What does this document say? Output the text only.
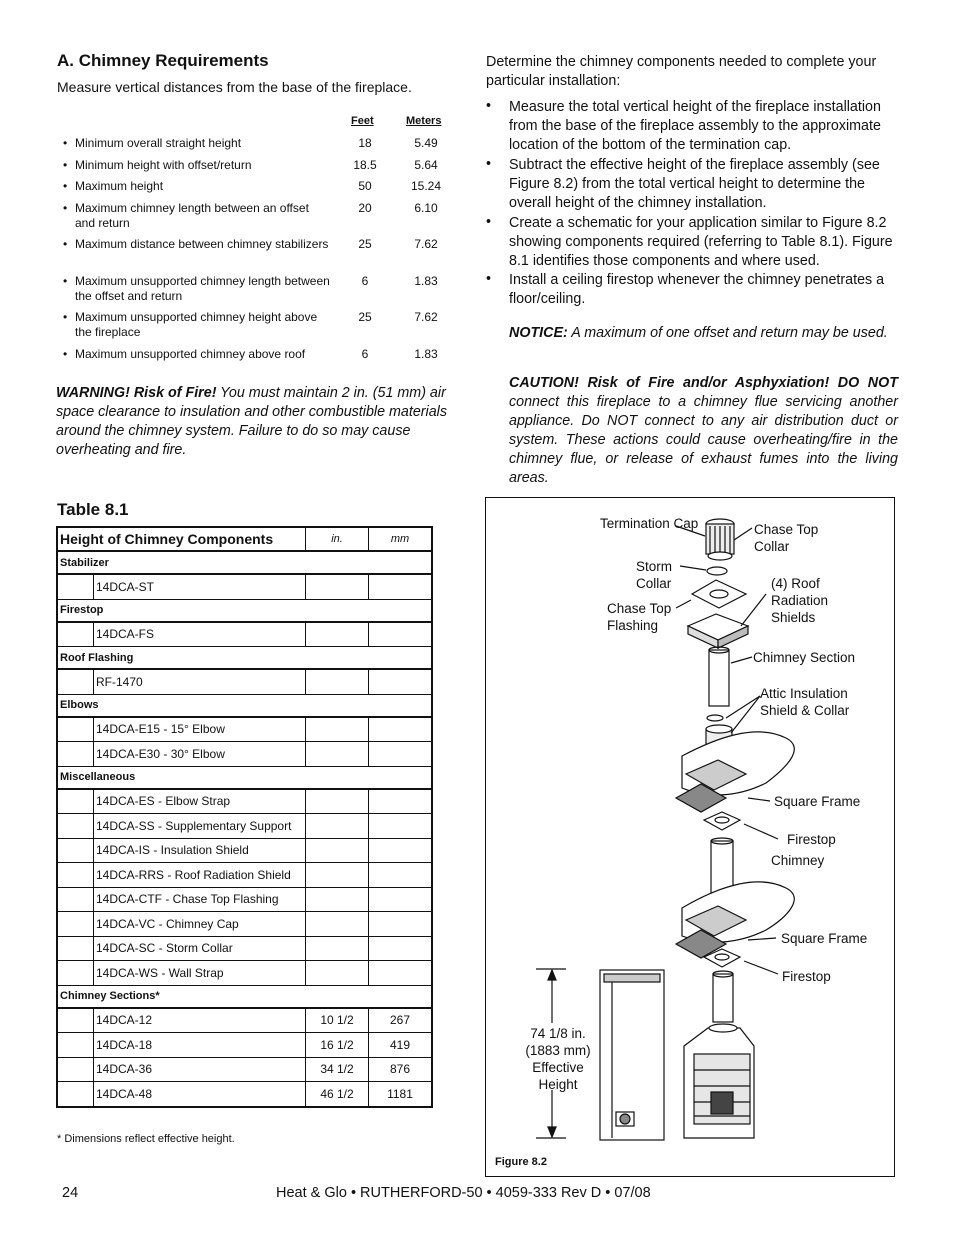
A. Chimney Requirements
Measure vertical distances from the base of the fireplace.
Feet	Meters
• Minimum overall straight height	18	5.49
• Minimum height with offset/return	18.5	5.64
• Maximum height	50	15.24
• Maximum chimney length between an offset and return
20	6.10
• Maximum distance between chimney stabilizers	25	7.62
• Maximum unsupported chimney length between the offset and return
6	1.83
• Maximum unsupported chimney height above the fireplace
25	7.62
• Maximum unsupported chimney above roof	6	1.83
WARNING! Risk of Fire! You must maintain 2 in. (51 mm) air space clearance to insulation and other combustible materials around the chimney system. Failure to do so may cause overheating and fire.
Table 8.1
Height of Chimney Components		in.	mm
Stabilizer			
	14DCA-ST		
Firestop			
	14DCA-FS		
Roof Flashing			
	RF-1470		
Elbows			
	14DCA-E15 - 15° Elbow		
	14DCA-E30 - 30° Elbow		
Miscellaneous			
	14DCA-ES - Elbow Strap		
	14DCA-SS - Supplementary Support		
	14DCA-IS - Insulation Shield		
	14DCA-RRS - Roof Radiation Shield		
	14DCA-CTF - Chase Top Flashing		
	14DCA-VC - Chimney Cap		
	14DCA-SC - Storm Collar		
	14DCA-WS - Wall Strap		
Chimney Sections*			
	14DCA-12	10 1/2	267
	14DCA-18	16 1/2	419
	14DCA-36	34 1/2	876
	14DCA-48	46 1/2	1181
* Dimensions reflect effective height.
Determine the chimney components needed to complete your particular installation:
• Measure the total vertical height of the fireplace installation from the base of the fireplace assembly to the approximate location of the bottom of the termination cap.
• Subtract the effective height of the fireplace assembly (see Figure 8.2) from the total vertical height to determine the overall height of the chimney installation.
• Create a schematic for your application similar to Figure 8.2 showing components required (referring to Table 8.1). Figure 8.1 identifies those components and where used.
• Install a ceiling firestop whenever the chimney penetrates a floor/ceiling.
NOTICE: A maximum of one offset and return may be used.
CAUTION! Risk of Fire and/or Asphyxiation! DO NOT connect this fireplace to a chimney flue servicing another appliance. Do NOT connect to any air distribution duct or system. These actions could cause overheating/fire in the chimney flue, or release of exhaust fumes into the living areas.
Termination Cap	Chase Top Collar
Storm Collar
Chase Top Flashing
(4) Roof Radiation Shields
Chimney Section
Attic Insulation Shield & Collar
Square Frame
Firestop
Chimney
Square Frame
Firestop
74 1/8 in. (1883 mm) Effective Height
Figure 8.2
24	Heat & Glo • RUTHERFORD-50 • 4059-333 Rev D • 07/08
